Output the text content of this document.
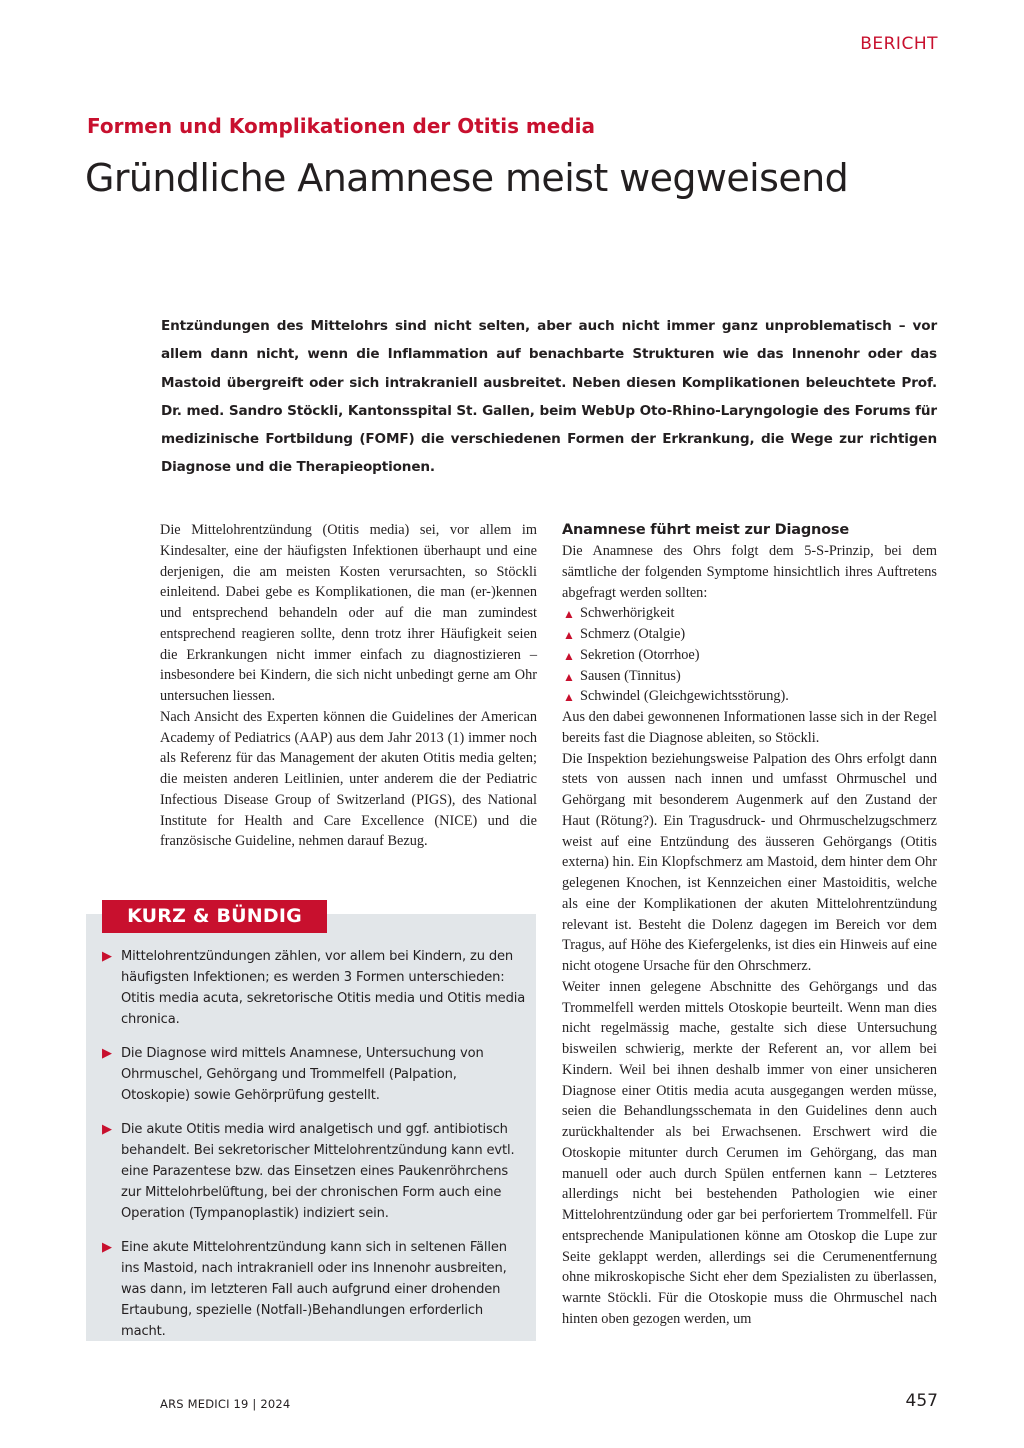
BERICHT
Formen und Komplikationen der Otitis media
Gründliche Anamnese meist wegweisend

Entzündungen des Mittelohrs sind nicht selten, aber auch nicht immer ganz unproblematisch – vor allem dann nicht, wenn die Inflammation auf benachbarte Strukturen wie das Innenohr oder das Mastoid übergreift oder sich intrakraniell ausbreitet. Neben diesen Komplikationen beleuchtete Prof. Dr. med. Sandro Stöckli, Kantonsspital St. Gallen, beim WebUp Oto-Rhino-Laryngologie des Forums für medizinische Fortbildung (FOMF) die verschiedenen Formen der Erkrankung, die Wege zur richtigen Diagnose und die Therapieoptionen.

Die Mittelohrentzündung (Otitis media) sei, vor allem im Kindesalter, eine der häufigsten Infektionen überhaupt und eine derjenigen, die am meisten Kosten verursachten, so Stöckli einleitend. Dabei gebe es Komplikationen, die man (er-)kennen und entsprechend behandeln oder auf die man zumindest entsprechend reagieren sollte, denn trotz ihrer Häufigkeit seien die Erkrankungen nicht immer einfach zu diagnostizieren – insbesondere bei Kindern, die sich nicht unbedingt gerne am Ohr untersuchen liessen.

Nach Ansicht des Experten können die Guidelines der American Academy of Pediatrics (AAP) aus dem Jahr 2013 (1) immer noch als Referenz für das Management der akuten Otitis media gelten; die meisten anderen Leitlinien, unter anderem die der Pediatric Infectious Disease Group of Switzerland (PIGS), des National Institute for Health and Care Excellence (NICE) und die französische Guideline, nehmen darauf Bezug.

KURZ & BÜNDIG
▶ Mittelohrentzündungen zählen, vor allem bei Kindern, zu den häufigsten Infektionen; es werden 3 Formen unterschieden: Otitis media acuta, sekretorische Otitis media und Otitis media chronica.
▶ Die Diagnose wird mittels Anamnese, Untersuchung von Ohrmuschel, Gehörgang und Trommelfell (Palpation, Otoskopie) sowie Gehörprüfung gestellt.
▶ Die akute Otitis media wird analgetisch und ggf. antibiotisch behandelt. Bei sekretorischer Mittelohrentzündung kann evtl. eine Parazentese bzw. das Einsetzen eines Paukenröhrchens zur Mittelohrbelüftung, bei der chronischen Form auch eine Operation (Tympanoplastik) indiziert sein.
▶ Eine akute Mittelohrentzündung kann sich in seltenen Fällen ins Mastoid, nach intrakraniell oder ins Innenohr ausbreiten, was dann, im letzteren Fall auch aufgrund einer drohenden Ertaubung, spezielle (Notfall-)Behandlungen erforderlich macht.
Anamnese führt meist zur Diagnose

Die Anamnese des Ohrs folgt dem 5-S-Prinzip, bei dem sämtliche der folgenden Symptome hinsichtlich ihres Auftretens abgefragt werden sollten:

▲ Schwerhörigkeit
▲ Schmerz (Otalgie)
▲ Sekretion (Otorrhoe)
▲ Sausen (Tinnitus)
▲ Schwindel (Gleichgewichtsstörung).

Aus den dabei gewonnenen Informationen lasse sich in der Regel bereits fast die Diagnose ableiten, so Stöckli.

Die Inspektion beziehungsweise Palpation des Ohrs erfolgt dann stets von aussen nach innen und umfasst Ohrmuschel und Gehörgang mit besonderem Augenmerk auf den Zustand der Haut (Rötung?). Ein Tragusdruck- und Ohrmuschelzugschmerz weist auf eine Entzündung des äusseren Gehörgangs (Otitis externa) hin. Ein Klopfschmerz am Mastoid, dem hinter dem Ohr gelegenen Knochen, ist Kennzeichen einer Mastoiditis, welche als eine der Komplikationen der akuten Mittelohrentzündung relevant ist. Besteht die Dolenz dagegen im Bereich vor dem Tragus, auf Höhe des Kiefergelenks, ist dies ein Hinweis auf eine nicht otogene Ursache für den Ohrschmerz.

Weiter innen gelegene Abschnitte des Gehörgangs und das Trommelfell werden mittels Otoskopie beurteilt. Wenn man dies nicht regelmässig mache, gestalte sich diese Untersuchung bisweilen schwierig, merkte der Referent an, vor allem bei Kindern. Weil bei ihnen deshalb immer von einer unsicheren Diagnose einer Otitis media acuta ausgegangen werden müsse, seien die Behandlungsschemata in den Guidelines denn auch zurückhaltender als bei Erwachsenen. Erschwert wird die Otoskopie mitunter durch Cerumen im Gehörgang, das man manuell oder auch durch Spülen entfernen kann – Letzteres allerdings nicht bei bestehenden Pathologien wie einer Mittelohrentzündung oder gar bei perforiertem Trommelfell. Für entsprechende Manipulationen könne am Otoskop die Lupe zur Seite geklappt werden, allerdings sei die Cerumenentfernung ohne mikroskopische Sicht eher dem Spezialisten zu überlassen, warnte Stöckli. Für die Otoskopie muss die Ohrmuschel nach hinten oben gezogen werden, um

ARS MEDICI 19 | 2024	457
